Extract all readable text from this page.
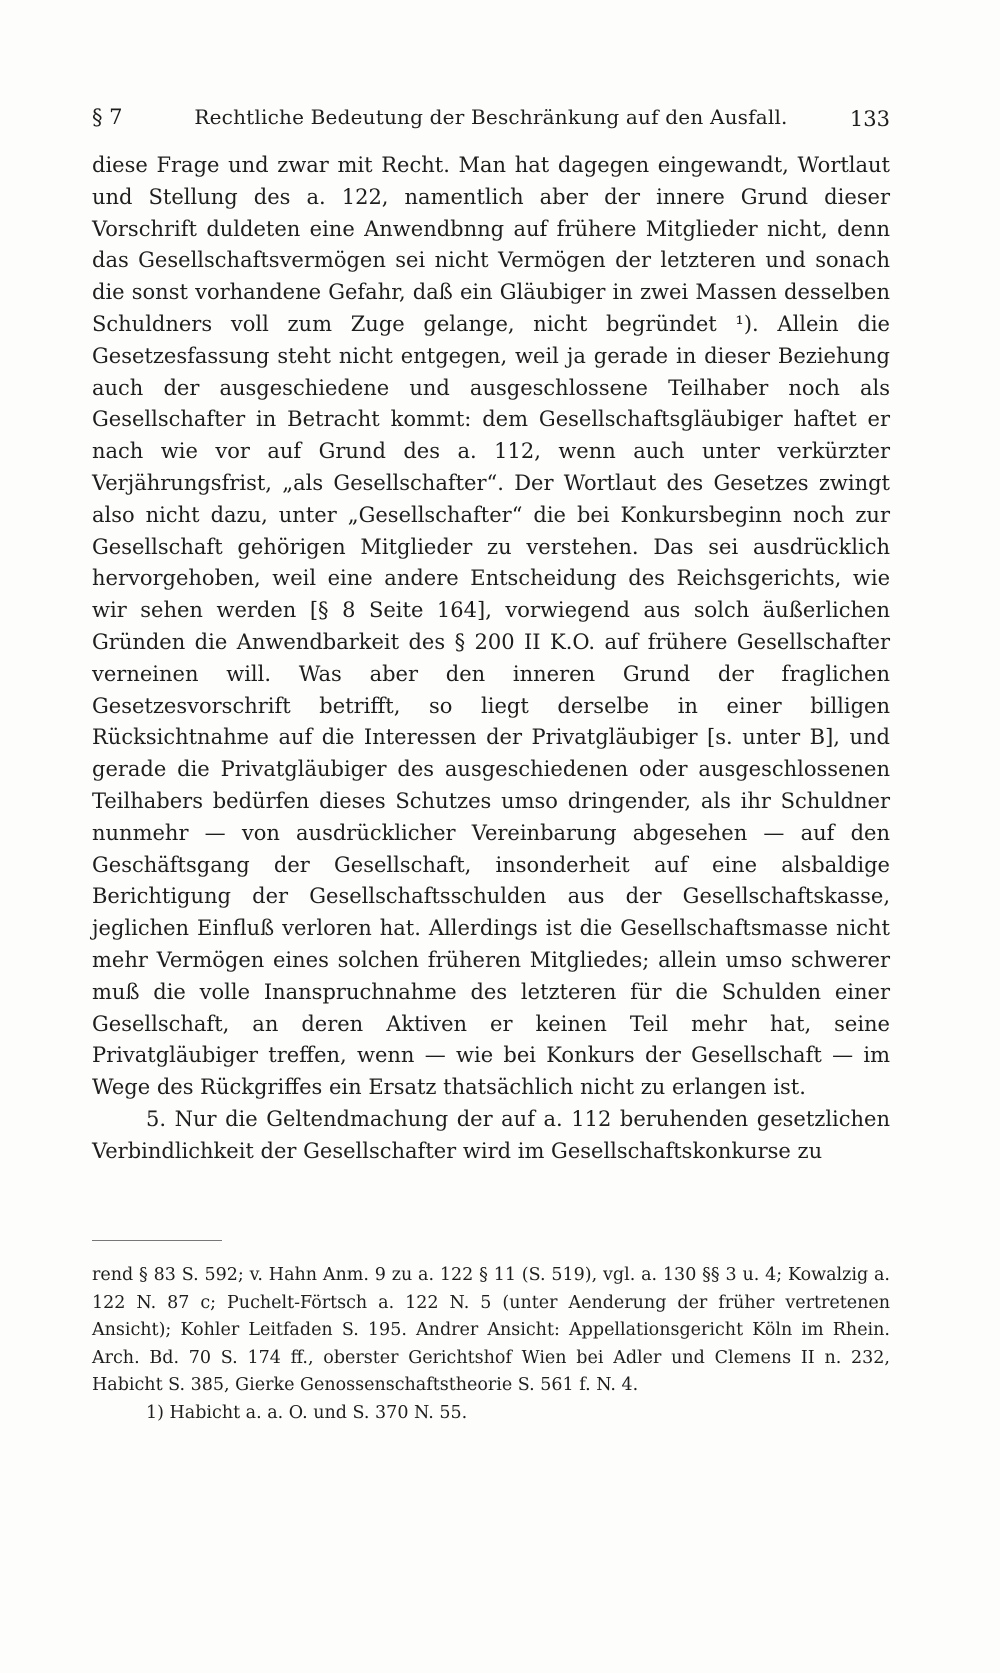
§ 7	Rechtliche Bedeutung der Beschränkung auf den Ausfall.	133

diese Frage und zwar mit Recht. Man hat dagegen eingewandt, Wortlaut und Stellung des a. 122, namentlich aber der innere Grund dieser Vorschrift duldeten eine Anwendbnng auf frühere Mitglieder nicht, denn das Gesellschaftsvermögen sei nicht Vermögen der letzteren und sonach die sonst vorhandene Gefahr, daß ein Gläubiger in zwei Massen desselben Schuldners voll zum Zuge gelange, nicht begründet ¹). Allein die Gesetzesfassung steht nicht entgegen, weil ja gerade in dieser Beziehung auch der ausgeschiedene und ausgeschlossene Teilhaber noch als Gesellschafter in Betracht kommt: dem Gesellschaftsgläubiger haftet er nach wie vor auf Grund des a. 112, wenn auch unter verkürzter Verjährungsfrist, „als Gesellschafter“. Der Wortlaut des Gesetzes zwingt also nicht dazu, unter „Gesellschafter“ die bei Konkursbeginn noch zur Gesellschaft gehörigen Mitglieder zu verstehen. Das sei ausdrücklich hervorgehoben, weil eine andere Entscheidung des Reichsgerichts, wie wir sehen werden [§ 8 Seite 164], vorwiegend aus solch äußerlichen Gründen die Anwendbarkeit des § 200 II K.O. auf frühere Gesellschafter verneinen will. Was aber den inneren Grund der fraglichen Gesetzesvorschrift betrifft, so liegt derselbe in einer billigen Rücksichtnahme auf die Interessen der Privatgläubiger [s. unter B], und gerade die Privatgläubiger des ausgeschiedenen oder ausgeschlossenen Teilhabers bedürfen dieses Schutzes umso dringender, als ihr Schuldner nunmehr — von ausdrücklicher Vereinbarung abgesehen — auf den Geschäftsgang der Gesellschaft, insonderheit auf eine alsbaldige Berichtigung der Gesellschaftsschulden aus der Gesellschaftskasse, jeglichen Einfluß verloren hat. Allerdings ist die Gesellschaftsmasse nicht mehr Vermögen eines solchen früheren Mitgliedes; allein umso schwerer muß die volle Inanspruchnahme des letzteren für die Schulden einer Gesellschaft, an deren Aktiven er keinen Teil mehr hat, seine Privatgläubiger treffen, wenn — wie bei Konkurs der Gesellschaft — im Wege des Rückgriffes ein Ersatz thatsächlich nicht zu erlangen ist.

5. Nur die Geltendmachung der auf a. 112 beruhenden gesetzlichen Verbindlichkeit der Gesellschafter wird im Gesellschaftskonkurse zu

rend § 83 S. 592; v. Hahn Anm. 9 zu a. 122 § 11 (S. 519), vgl. a. 130 §§ 3 u. 4; Kowalzig a. 122 N. 87 c; Puchelt-Förtsch a. 122 N. 5 (unter Aenderung der früher vertretenen Ansicht); Kohler Leitfaden S. 195. Andrer Ansicht: Appellationsgericht Köln im Rhein. Arch. Bd. 70 S. 174 ff., oberster Gerichtshof Wien bei Adler und Clemens II n. 232, Habicht S. 385, Gierke Genossenschaftstheorie S. 561 f. N. 4.

1) Habicht a. a. O. und S. 370 N. 55.
